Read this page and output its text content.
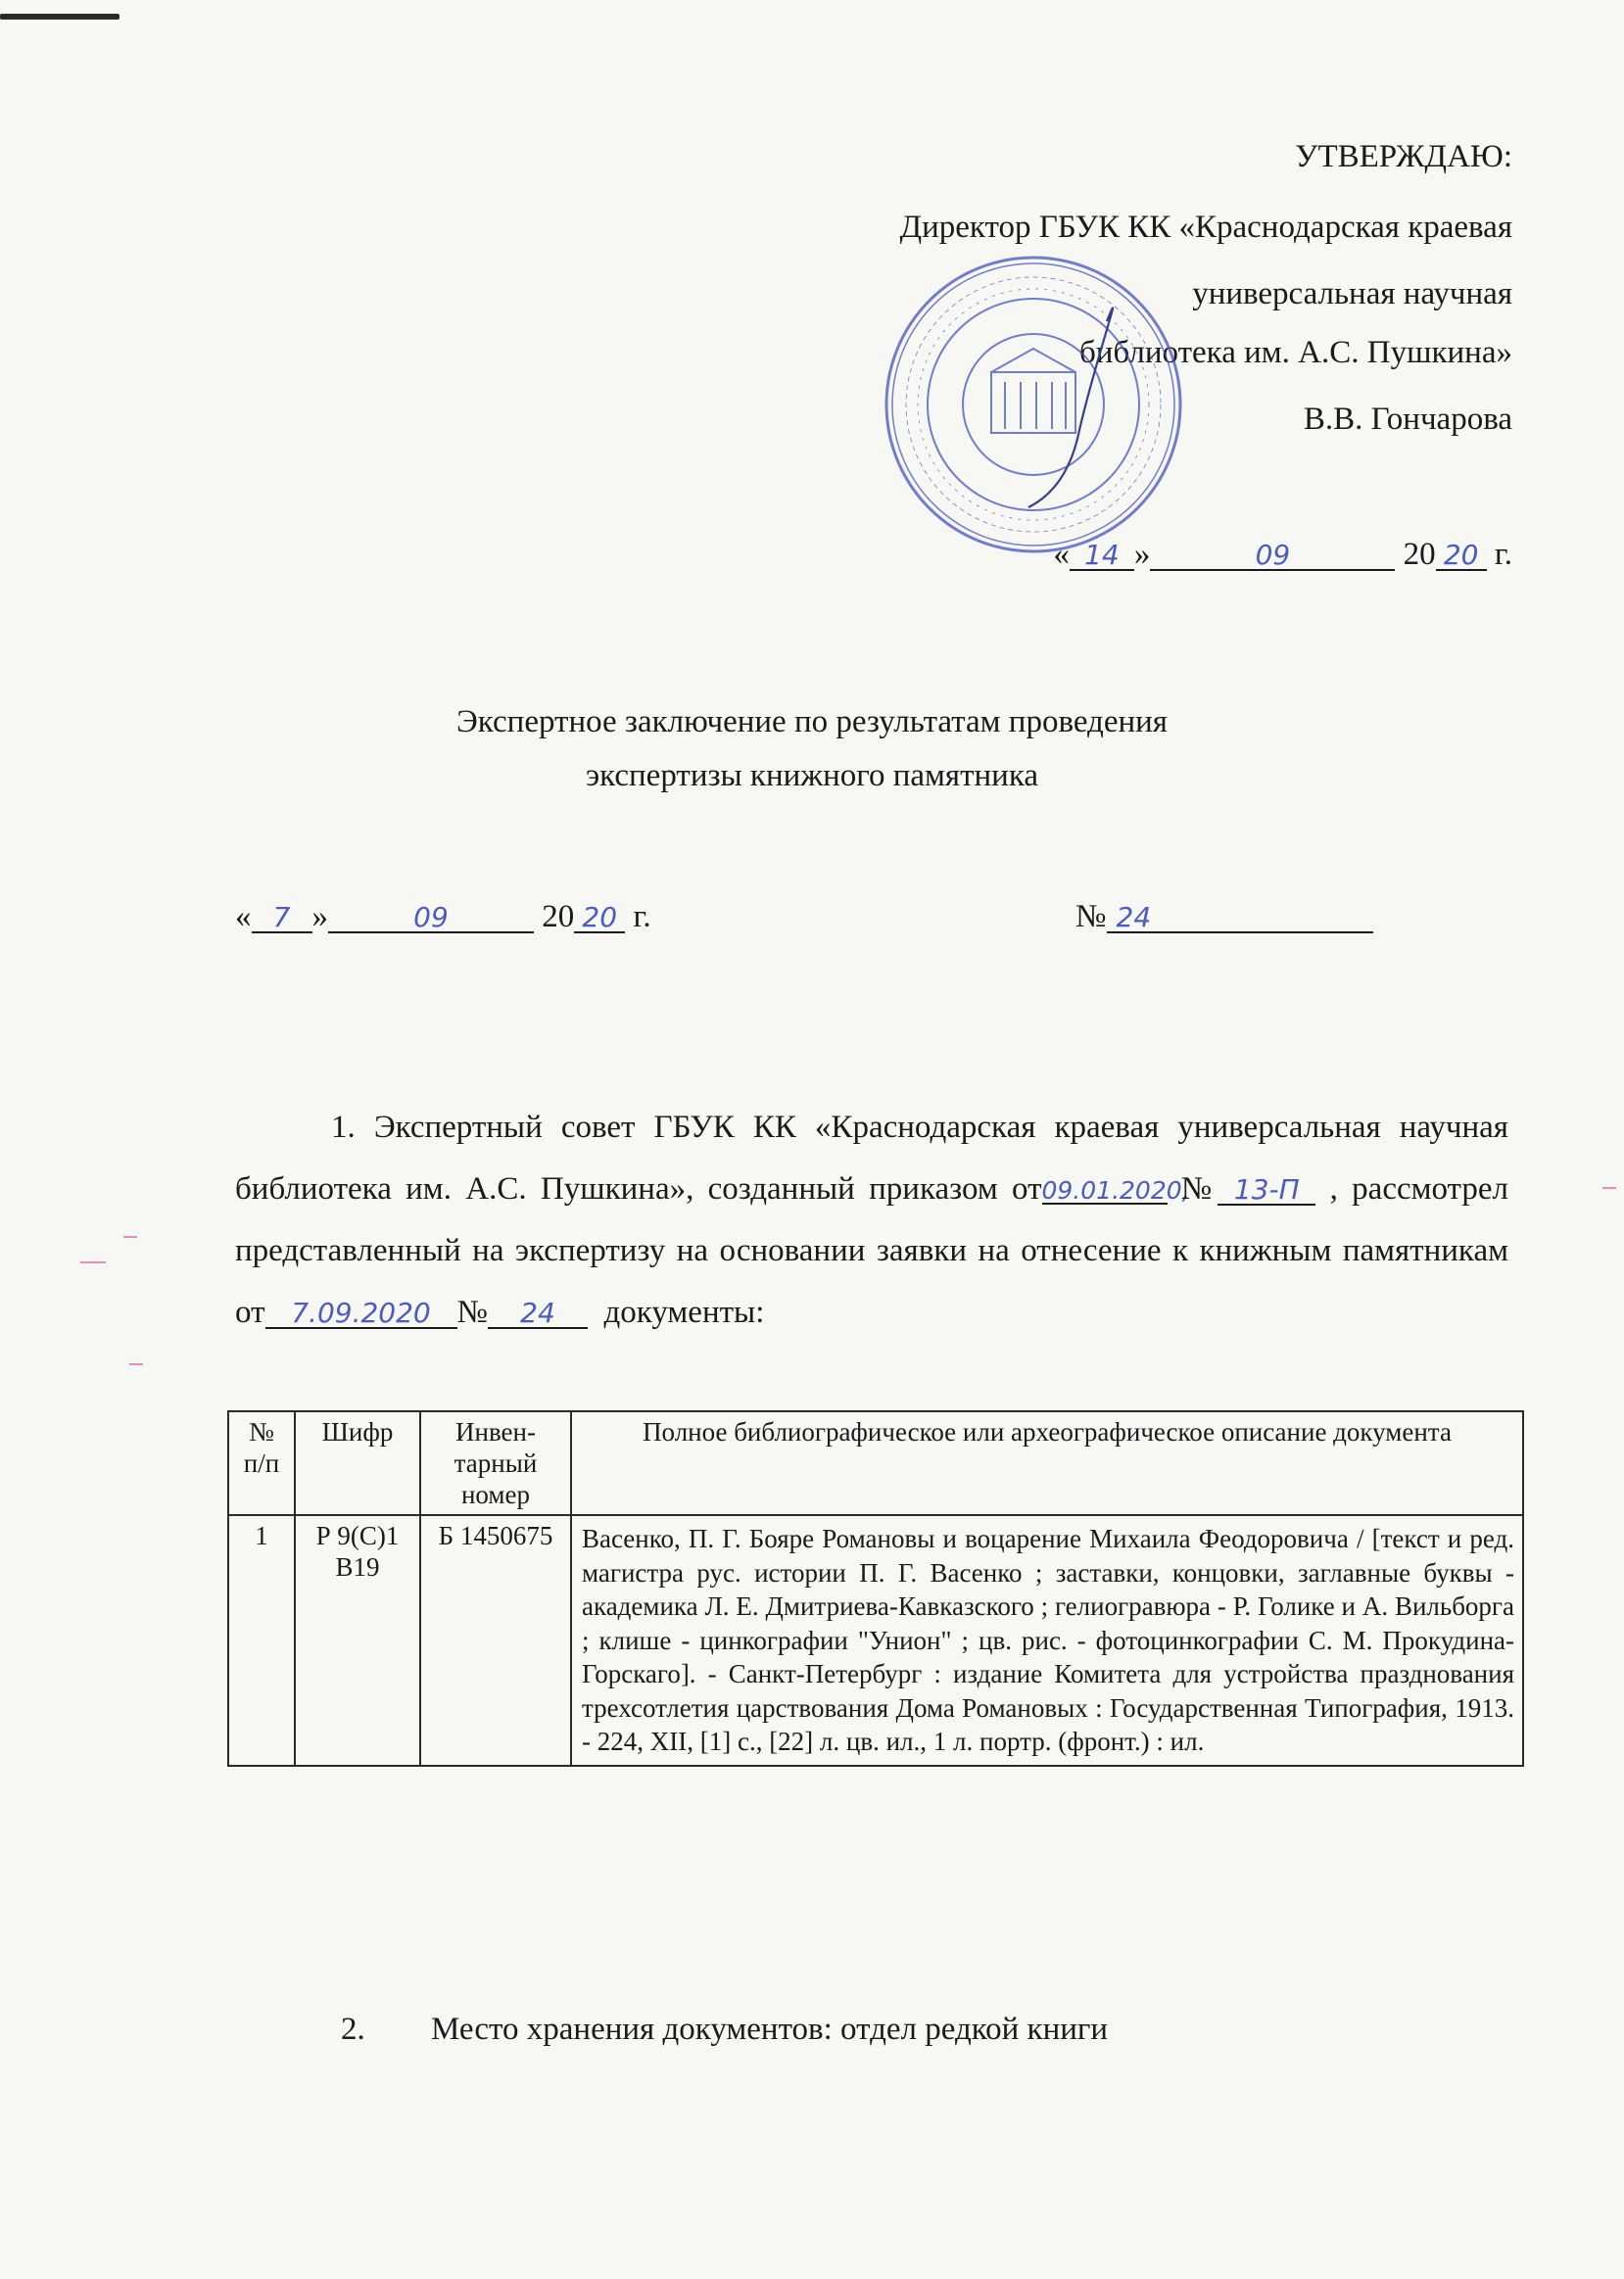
УТВЕРЖДАЮ:
Директор ГБУК КК «Краснодарская краевая
универсальная научная
библиотека им. А.С. Пушкина»
В.В. Гончарова
« 14 »	09	20 20 г.
Экспертное заключение по результатам проведения
экспертизы книжного памятника
« 7 »	09	20 20 г.	№ 24
1. Экспертный совет ГБУК КК «Краснодарская краевая универсальная научная библиотека им. А.С. Пушкина», созданный приказом от09.01.2020, № 13-П , рассмотрел представленный на экспертизу на основании заявки на отнесение к книжным памятникам от 7.09.2020 № 24 документы:
№ п/п	Шифр	Инвен-тарный номер	Полное библиографическое или археографическое описание документа
1	Р 9(С)1 В19	Б 1450675	Васенко, П. Г. Бояре Романовы и воцарение Михаила Феодоровича / [текст и ред. магистра рус. истории П. Г. Васенко ; заставки, концовки, заглавные буквы - академика Л. Е. Дмитриева-Кавказского ; гелиогравюра - Р. Голике и А. Вильборга ; клише - цинкографии "Унион" ; цв. рис. - фотоцинкографии С. М. Прокудина-Горскаго]. - Санкт-Петербург : издание Комитета для устройства празднования трехсотлетия царствования Дома Романовых : Государственная Типография, 1913. - 224, XII, [1] с., [22] л. цв. ил., 1 л. портр. (фронт.) : ил.
2. Место хранения документов: отдел редкой книги
